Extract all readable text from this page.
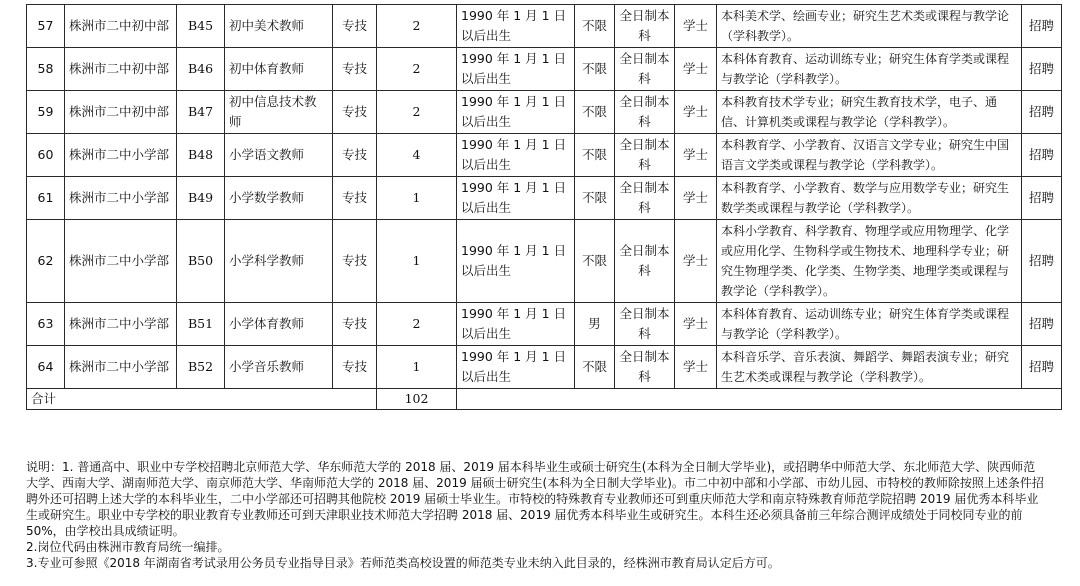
57	株洲市二中初中部	B45	初中美术教师	专技	2	1990 年 1 月 1 日以后出生	不限	全日制本科	学士	本科美术学、绘画专业；研究生艺术类或课程与教学论（学科教学）。	招聘
58	株洲市二中初中部	B46	初中体育教师	专技	2	1990 年 1 月 1 日以后出生	不限	全日制本科	学士	本科体育教育、运动训练专业；研究生体育学类或课程与教学论（学科教学）。	招聘
59	株洲市二中初中部	B47	初中信息技术教师	专技	2	1990 年 1 月 1 日以后出生	不限	全日制本科	学士	本科教育技术学专业；研究生教育技术学，电子、通信、计算机类或课程与教学论（学科教学）。	招聘
60	株洲市二中小学部	B48	小学语文教师	专技	4	1990 年 1 月 1 日以后出生	不限	全日制本科	学士	本科教育学、小学教育、汉语言文学专业；研究生中国语言文学类或课程与教学论（学科教学）。	招聘
61	株洲市二中小学部	B49	小学数学教师	专技	1	1990 年 1 月 1 日以后出生	不限	全日制本科	学士	本科教育学、小学教育、数学与应用数学专业；研究生数学类或课程与教学论（学科教学）。	招聘
62	株洲市二中小学部	B50	小学科学教师	专技	1	1990 年 1 月 1 日以后出生	不限	全日制本科	学士	本科小学教育、科学教育、物理学或应用物理学、化学或应用化学、生物科学或生物技术、地理科学专业；研究生物理学类、化学类、生物学类、地理学类或课程与教学论（学科教学）。	招聘
63	株洲市二中小学部	B51	小学体育教师	专技	2	1990 年 1 月 1 日以后出生	男	全日制本科	学士	本科体育教育、运动训练专业；研究生体育学类或课程与教学论（学科教学）。	招聘
64	株洲市二中小学部	B52	小学音乐教师	专技	1	1990 年 1 月 1 日以后出生	不限	全日制本科	学士	本科音乐学、音乐表演、舞蹈学、舞蹈表演专业；研究生艺术类或课程与教学论（学科教学）。	招聘
合计					102						

说明：1. 普通高中、职业中专学校招聘北京师范大学、华东师范大学的 2018 届、2019 届本科毕业生或硕士研究生(本科为全日制大学毕业)，或招聘华中师范大学、东北师范大学、陕西师范大学、西南大学、湖南师范大学、南京师范大学、华南师范大学的 2018 届、2019 届硕士研究生(本科为全日制大学毕业)。市二中初中部和小学部、市幼儿园、市特校的教师除按照上述条件招聘外还可招聘上述大学的本科毕业生，二中小学部还可招聘其他院校 2019 届硕士毕业生。市特校的特殊教育专业教师还可到重庆师范大学和南京特殊教育师范学院招聘 2019 届优秀本科毕业生或研究生。职业中专学校的职业教育专业教师还可到天津职业技术师范大学招聘 2018 届、2019 届优秀本科毕业生或研究生。本科生还必须具备前三年综合测评成绩处于同校同专业的前 50%，由学校出具成绩证明。

2.岗位代码由株洲市教育局统一编排。

3.专业可参照《2018 年湖南省考试录用公务员专业指导目录》若师范类高校设置的师范类专业未纳入此目录的，经株洲市教育局认定后方可。
